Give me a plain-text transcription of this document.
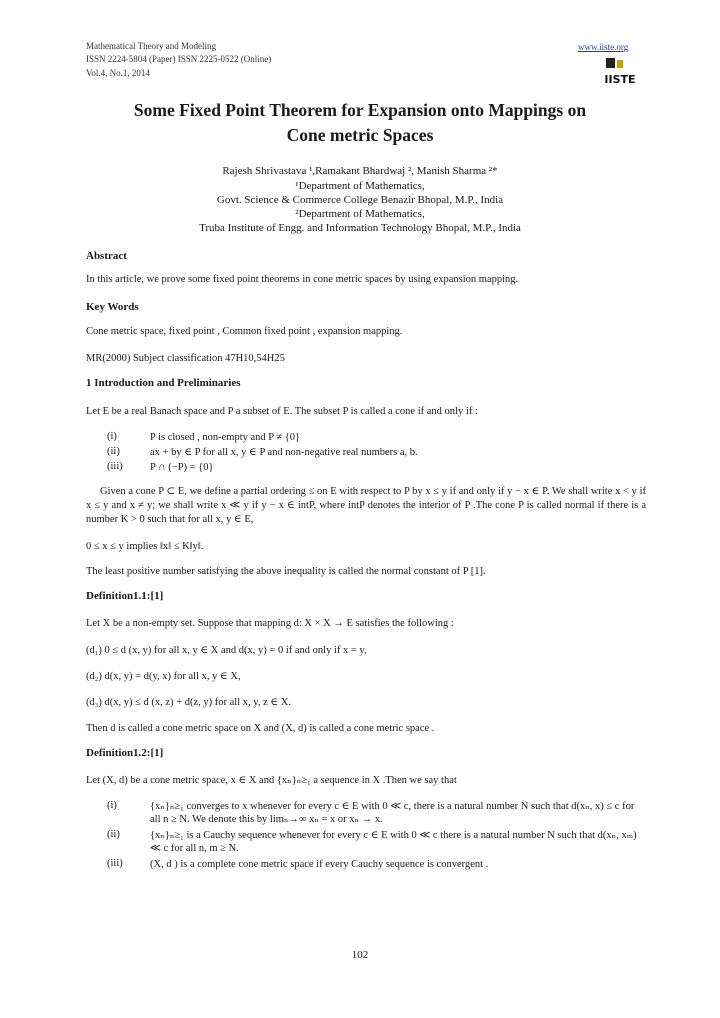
Mathematical Theory and Modeling
ISSN 2224-5804 (Paper) ISSN 2225-0522 (Online)
Vol.4, No.1, 2014
www.iiste.org
IISTE
Some Fixed Point Theorem for Expansion onto Mappings on
Cone metric Spaces
Rajesh Shrivastava ¹,Ramakant Bhardwaj ², Manish Sharma ²*
¹Department of Mathematics,
Govt. Science & Commerce College Benazir Bhopal, M.P., India
²Department of Mathematics,
Truba Institute of Engg. and Information Technology Bhopal, M.P., India
Abstract
In this article, we prove some fixed point theorems in cone metric spaces by using expansion mapping.
Key Words
Cone metric space, fixed point , Common fixed point , expansion mapping.
MR(2000) Subject classification 47H10,54H25
1 Introduction and Preliminaries
Let E be a real Banach space and P a subset of E. The subset P is called a cone if and only if :
(i)	P is closed , non-empty and P ≠ {0}
(ii)	ax + by ∈ P for all x, y ∈ P and non-negative real numbers a, b.
(iii)	P ∩ (−P) = {0}
Given a cone P ⊂ E, we define a partial ordering ≤ on E with respect to P by x ≤ y if and only if y − x ∈ P. We shall write x < y if x ≤ y and x ≠ y; we shall write x ≪ y if y − x ∈ intP, where intP denotes the interior of P .The cone P is called normal if there is a number K > 0 such that for all x, y ∈ E,
0 ≤ x ≤ y implies ‖x‖ ≤ K‖y‖.
The least positive number satisfying the above inequality is called the normal constant of P [1].
Definition1.1:[1]
Let X be a non-empty set. Suppose that mapping d: X × X → E satisfies the following :
(d₁) 0 ≤ d (x, y) for all x, y ∈ X and d(x, y) = 0 if and only if x = y,
(d₂) d(x, y) = d(y, x) for all x, y ∈ X,
(d₃) d(x, y) ≤ d (x, z) + d(z, y) for all x, y, z ∈ X.
Then d is called a cone metric space on X and (X, d) is called a cone metric space .
Definition1.2:[1]
Let (X, d) be a cone metric space, x ∈ X and {xₙ}ₙ≥₁ a sequence in X .Then we say that
(i)	{xₙ}ₙ≥₁ converges to x whenever for every c ∈ E with 0 ≪ c, there is a natural number N such that d(xₙ, x) ≤ c for all n ≥ N. We denote this by limₙ→∞ xₙ = x or xₙ → x.
(ii)	{xₙ}ₙ≥₁ is a Cauchy sequence whenever for every c ∈ E with 0 ≪ c there is a natural number N such that d(xₙ, xₘ) ≪ c for all n, m ≥ N.
(iii)	(X, d ) is a complete cone metric space if every Cauchy sequence is convergent .
102
